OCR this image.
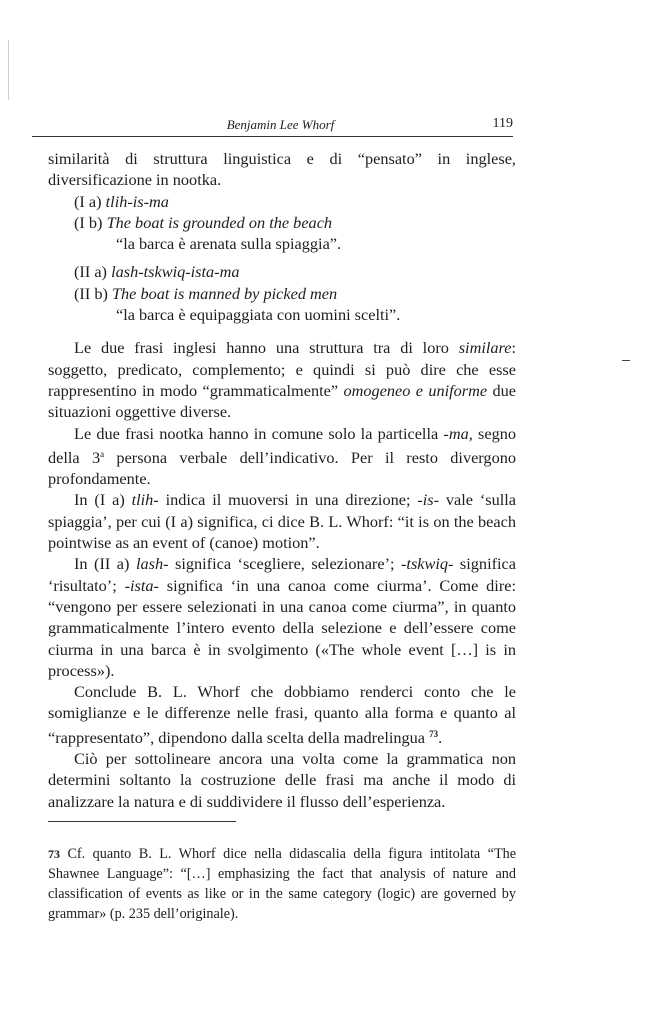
Benjamin Lee Whorf	119

similarità di struttura linguistica e di “pensato” in inglese, diversificazione in nootka.

(I a) tlih-is-ma

(I b) The boat is grounded on the beach

“la barca è arenata sulla spiaggia”.

(II a) lash-tskwiq-ista-ma

(II b) The boat is manned by picked men

“la barca è equipaggiata con uomini scelti”.

Le due frasi inglesi hanno una struttura tra di loro similare: soggetto, predicato, complemento; e quindi si può dire che esse rappresentino in modo “grammaticalmente” omogeneo e uniforme due situazioni oggettive diverse.

Le due frasi nootka hanno in comune solo la particella -ma, segno della 3$^a$ persona verbale dell’indicativo. Per il resto divergono profondamente.

In (I a) tlih- indica il muoversi in una direzione; -is- vale ‘sulla spiaggia’, per cui (I a) significa, ci dice B. L. Whorf: “it is on the beach pointwise as an event of (canoe) motion”.

In (II a) lash- significa ‘scegliere, selezionare’; -tskwiq- significa ‘risultato’; -ista- significa ‘in una canoa come ciurma’. Come dire: “vengono per essere selezionati in una canoa come ciurma”, in quanto grammaticalmente l’intero evento della selezione e dell’essere come ciurma in una barca è in svolgimento («The whole event […] is in process»).

Conclude B. L. Whorf che dobbiamo renderci conto che le somiglianze e le differenze nelle frasi, quanto alla forma e quanto al “rappresentato”, dipendono dalla scelta della madrelingua $^{73}$.

Ciò per sottolineare ancora una volta come la grammatica non determini soltanto la costruzione delle frasi ma anche il modo di analizzare la natura e di suddividere il flusso dell’esperienza.

73 Cf. quanto B. L. Whorf dice nella didascalia della figura intitolata “The Shawnee Language”: “[…] emphasizing the fact that analysis of nature and classification of events as like or in the same category (logic) are governed by grammar» (p. 235 dell’originale).
